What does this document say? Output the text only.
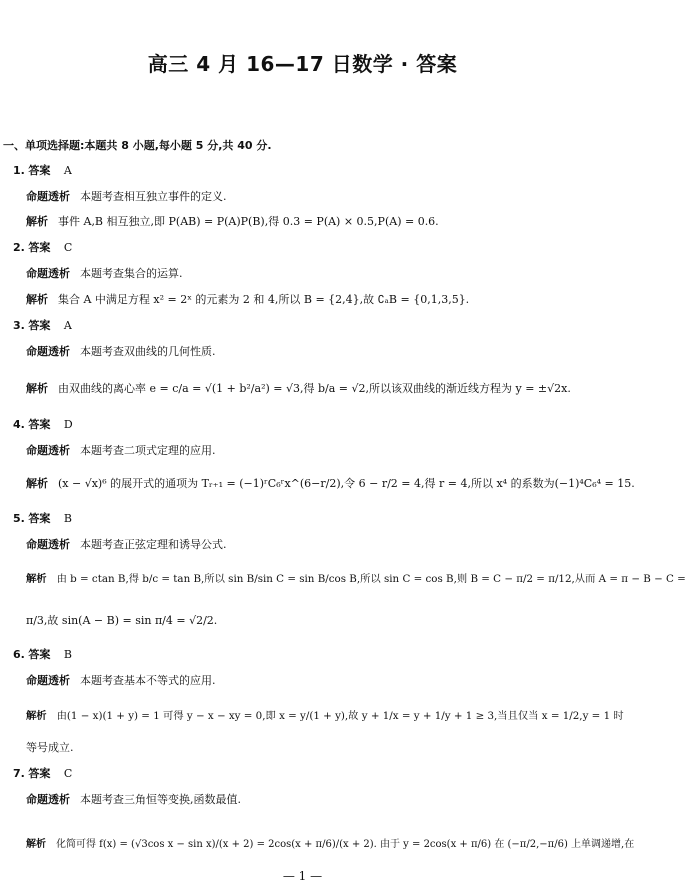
高三 4 月 16—17 日数学 · 答案
一、单项选择题:本题共 8 小题,每小题 5 分,共 40 分.
1. 答案 A
命题透析 本题考查相互独立事件的定义.
解析 事件 A,B 相互独立,即 P(AB) = P(A)P(B),得 0.3 = P(A) × 0.5,P(A) = 0.6.
2. 答案 C
命题透析 本题考查集合的运算.
解析 集合 A 中满足方程 x² = 2ˣ 的元素为 2 和 4,所以 B = {2,4},故 ∁ₐB = {0,1,3,5}.
3. 答案 A
命题透析 本题考查双曲线的几何性质.
解析 由双曲线的离心率 e = c/a = √(1 + b²/a²) = √3,得 b/a = √2,所以该双曲线的渐近线方程为 y = ±√2x.
4. 答案 D
命题透析 本题考查二项式定理的应用.
解析 (x − √x)⁶ 的展开式的通项为 Tᵣ₊₁ = (−1)ʳC₆ʳx^(6−r/2),令 6 − r/2 = 4,得 r = 4,所以 x⁴ 的系数为(−1)⁴C₆⁴ = 15.
5. 答案 B
命题透析 本题考查正弦定理和诱导公式.
解析 由 b = ctan B,得 b/c = tan B,所以 sin B/sin C = sin B/cos B,所以 sin C = cos B,则 B = C − π/2 = π/12,从而 A = π − B − C =
π/3,故 sin(A − B) = sin π/4 = √2/2.
6. 答案 B
命题透析 本题考查基本不等式的应用.
解析 由(1 − x)(1 + y) = 1 可得 y − x − xy = 0,即 x = y/(1 + y),故 y + 1/x = y + 1/y + 1 ≥ 3,当且仅当 x = 1/2,y = 1 时
等号成立.
7. 答案 C
命题透析 本题考查三角恒等变换,函数最值.
解析 化简可得 f(x) = (√3cos x − sin x)/(x + 2) = 2cos(x + π/6)/(x + 2). 由于 y = 2cos(x + π/6) 在 (−π/2,−π/6) 上单调递增,在
— 1 —
